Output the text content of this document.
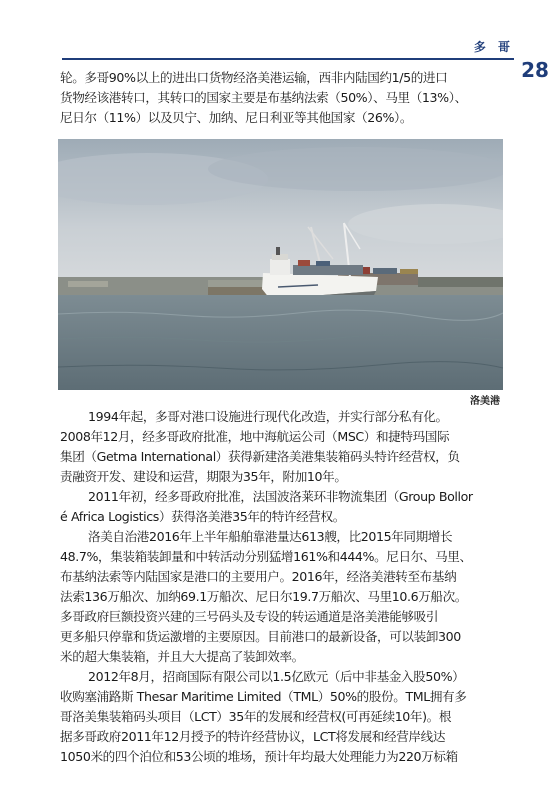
多 哥
28
轮。多哥90%以上的进出口货物经洛美港运输，西非内陆国约1/5的进口
货物经该港转口，其转口的国家主要是布基纳法索（50%）、马里（13%）、
尼日尔（11%）以及贝宁、加纳、尼日利亚等其他国家（26%）。
洛美港
1994年起，多哥对港口设施进行现代化改造，并实行部分私有化。
2008年12月，经多哥政府批准，地中海航运公司（MSC）和捷特玛国际
集团（Getma International）获得新建洛美港集装箱码头特许经营权，负
责融资开发、建设和运营，期限为35年，附加10年。
2011年初，经多哥政府批准，法国波洛莱环非物流集团（Group Bollor
é Africa Logistics）获得洛美港35年的特许经营权。
洛美自治港2016年上半年船舶靠港量达613艘，比2015年同期增长
48.7%，集装箱装卸量和中转活动分别猛增161%和444%。尼日尔、马里、
布基纳法索等内陆国家是港口的主要用户。2016年，经洛美港转至布基纳
法索136万船次、加纳69.1万船次、尼日尔19.7万船次、马里10.6万船次。
多哥政府巨额投资兴建的三号码头及专设的转运通道是洛美港能够吸引
更多船只停靠和货运激增的主要原因。目前港口的最新设备，可以装卸300
米的超大集装箱，并且大大提高了装卸效率。
2012年8月，招商国际有限公司以1.5亿欧元（后中非基金入股50%）
收购塞浦路斯 Thesar Maritime Limited（TML）50%的股份。TML拥有多
哥洛美集装箱码头项目（LCT）35年的发展和经营权(可再延续10年)。根
据多哥政府2011年12月授予的特许经营协议，LCT将发展和经营岸线达
1050米的四个泊位和53公顷的堆场，预计年均最大处理能力为220万标箱
